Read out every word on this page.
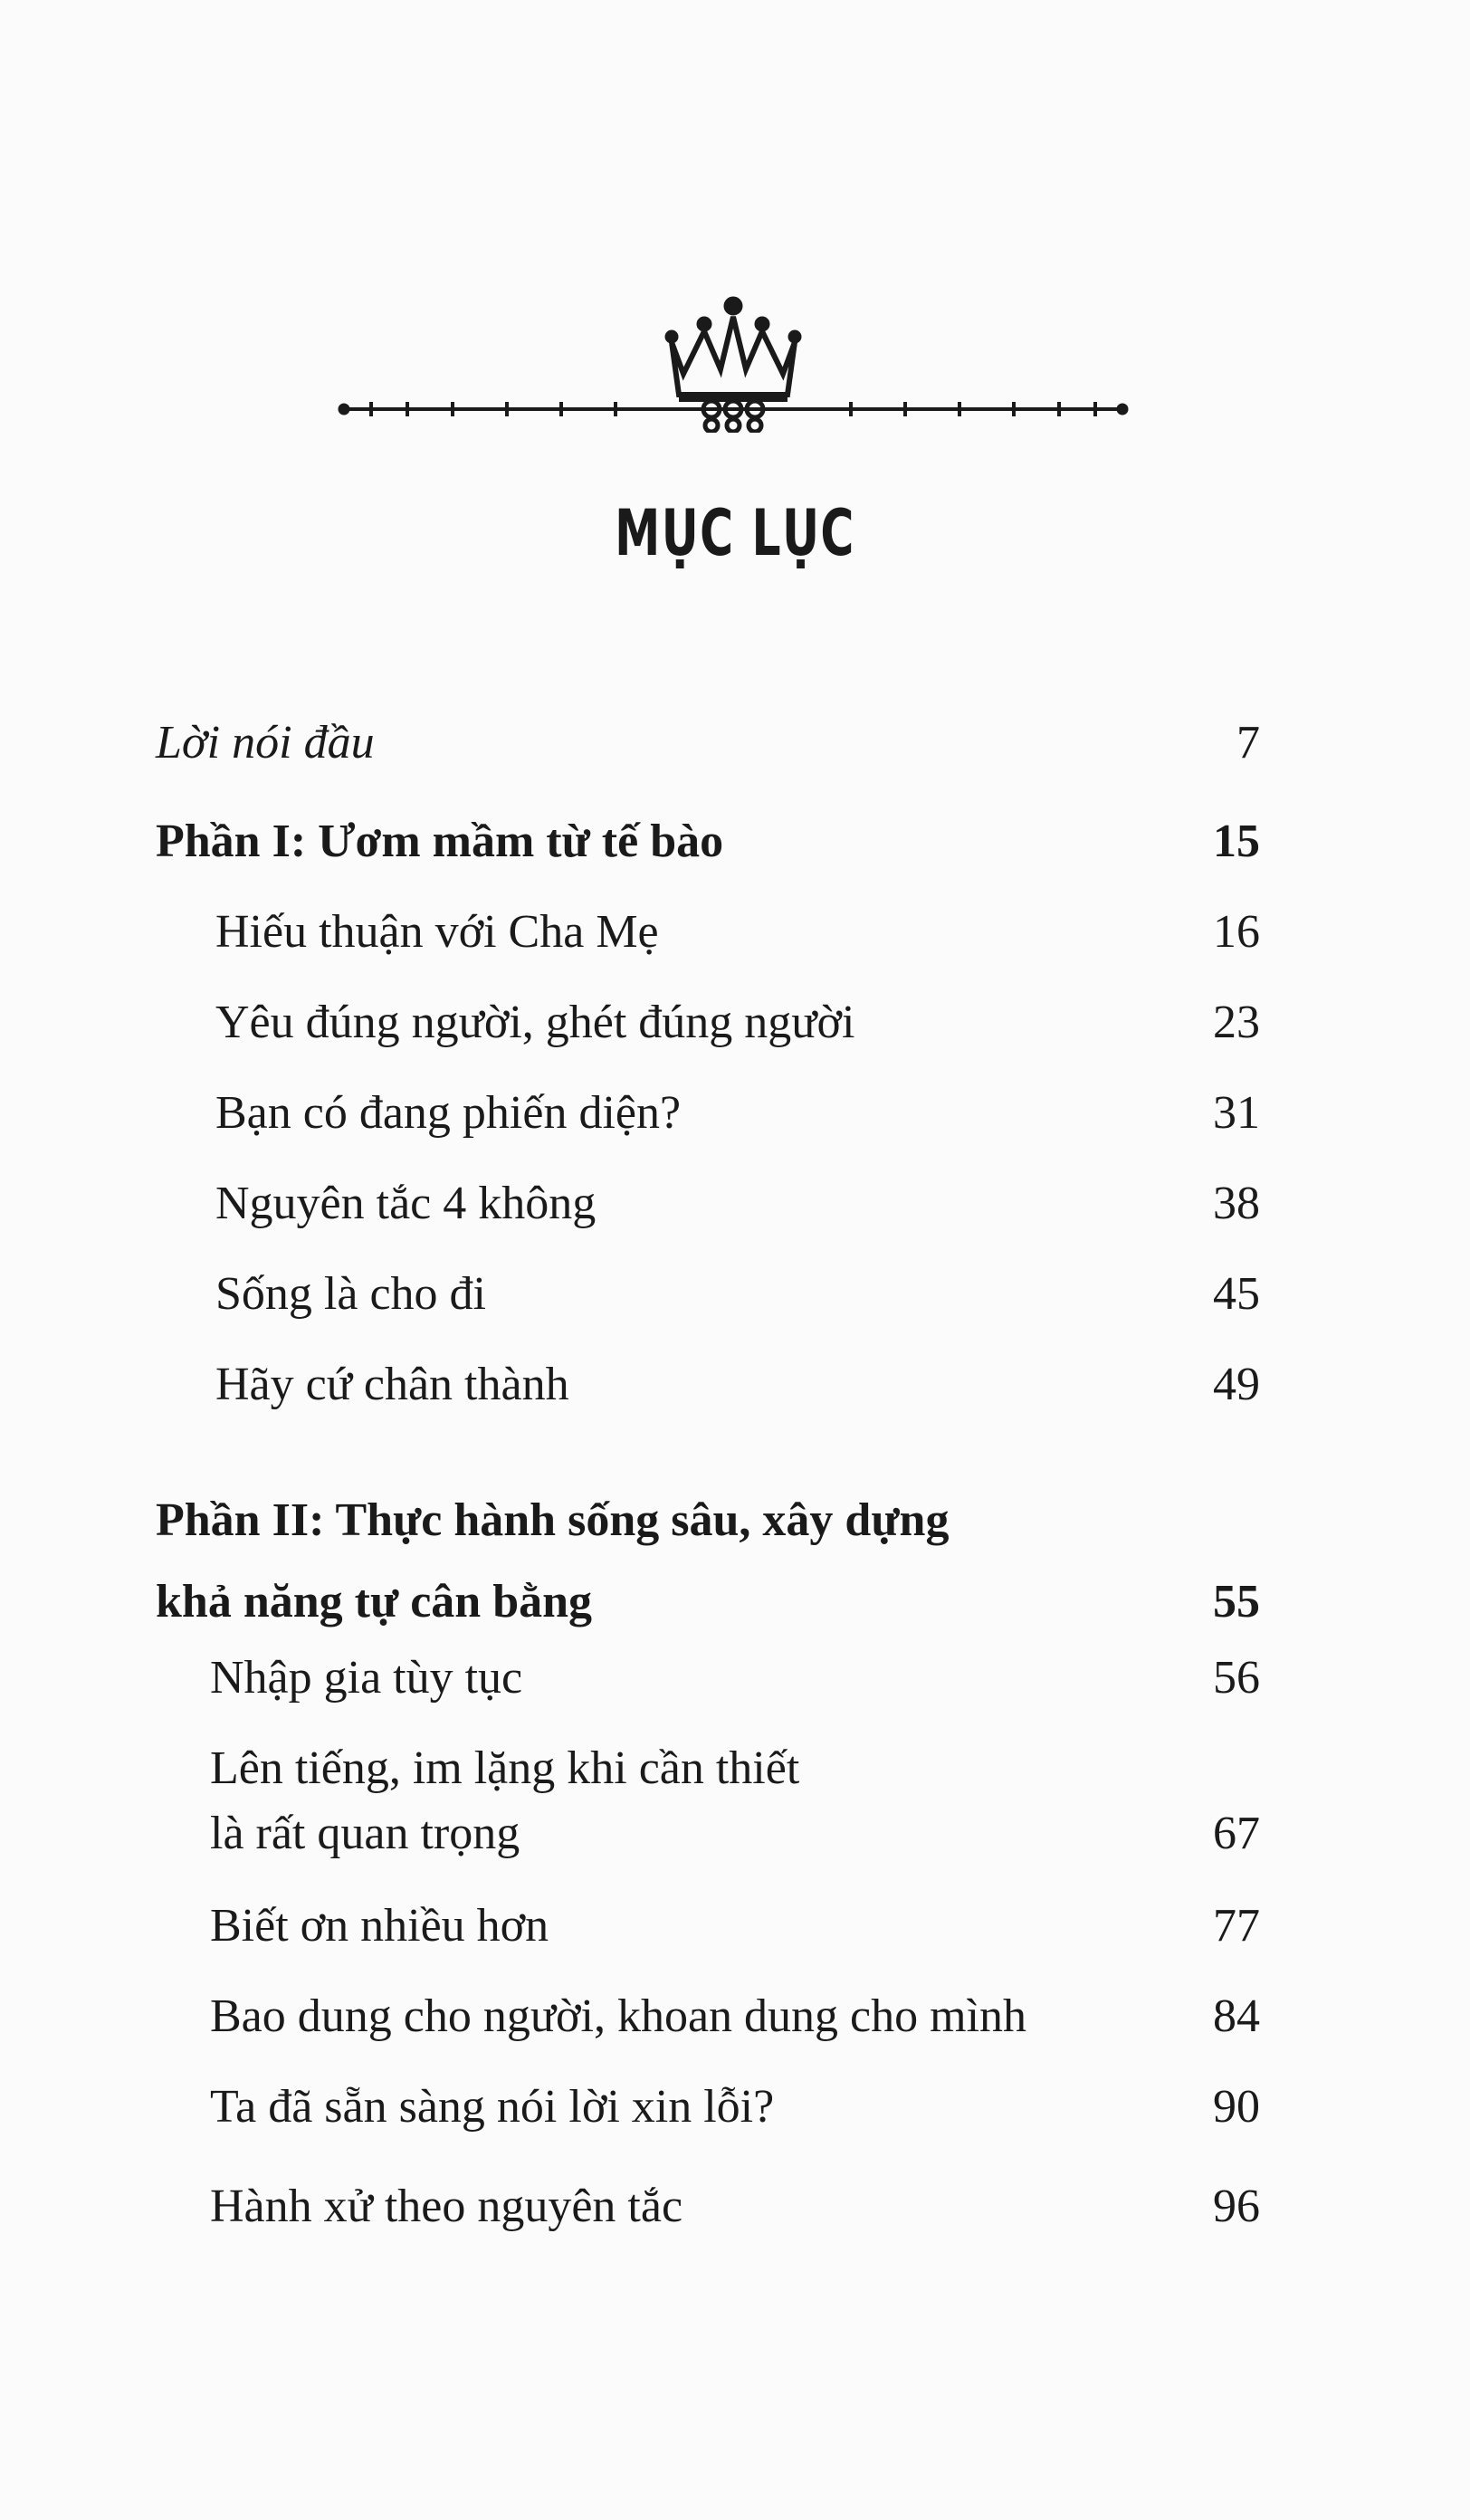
MỤC LỤC
Lời nói đầu	7
Phần I: Ươm mầm từ tế bào	15
Hiếu thuận với Cha Mẹ	16
Yêu đúng người, ghét đúng người	23
Bạn có đang phiến diện?	31
Nguyên tắc 4 không	38
Sống là cho đi	45
Hãy cứ chân thành	49
Phần II: Thực hành sống sâu, xây dựng
khả năng tự cân bằng	55
Nhập gia tùy tục	56
Lên tiếng, im lặng khi cần thiết
là rất quan trọng	67
Biết ơn nhiều hơn	77
Bao dung cho người, khoan dung cho mình	84
Ta đã sẵn sàng nói lời xin lỗi?	90
Hành xử theo nguyên tắc	96
